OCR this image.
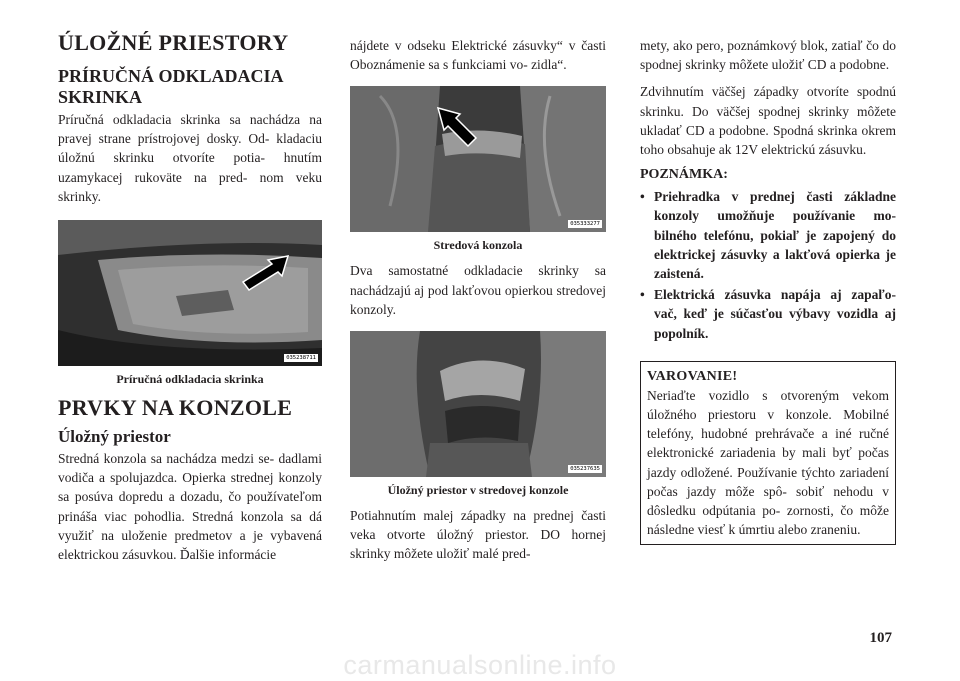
ÚLOŽNÉ PRIESTORY
PRÍRUČNÁ ODKLADACIA SKRINKA

Príručná odkladacia skrinka sa nachádza na pravej strane prístrojovej dosky. Od- kladaciu úložnú skrinku otvoríte potia- hnutím uzamykacej rukoväte na pred- nom veku skrinky.

035238711
Príručná odkladacia skrinka
PRVKY NA KONZOLE
Úložný priestor

Stredná konzola sa nachádza medzi se- dadlami vodiča a spolujazdca. Opierka strednej konzoly sa posúva dopredu a dozadu, čo používateľom prináša viac pohodlia. Stredná konzola sa dá využiť na uloženie predmetov a je vybavená elektrickou zásuvkou. Ďalšie informácie

nájdete v odseku Elektrické zásuvky“ v časti Oboznámenie sa s funkciami vo- zidla“.

035333277
Stredová konzola

Dva samostatné odkladacie skrinky sa nachádzajú aj pod lakťovou opierkou stredovej konzoly.

035237635
Úložný priestor v stredovej konzole

Potiahnutím malej západky na prednej časti veka otvorte úložný priestor. DO hornej skrinky môžete uložiť malé pred-

mety, ako pero, poznámkový blok, zatiaľ čo do spodnej skrinky môžete uložiť CD a podobne.

Zdvihnutím väčšej západky otvoríte spodnú skrinku. Do väčšej spodnej skrinky môžete ukladať CD a podobne. Spodná skrinka okrem toho obsahuje ak 12V elektrickú zásuvku.

POZNÁMKA:
• Priehradka v prednej časti základne konzoly umožňuje používanie mo- bilného telefónu, pokiaľ je zapojený do elektrickej zásuvky a lakťová opierka je zaistená.
• Elektrická zásuvka napája aj zapaľo- vač, keď je súčasťou výbavy vozidla aj popolník.
VAROVANIE!
Neriaďte vozidlo s otvoreným vekom úložného priestoru v konzole. Mobilné telefóny, hudobné prehrávače a iné ručné elektronické zariadenia by mali byť počas jazdy odložené. Používanie týchto zariadení počas jazdy môže spô- sobiť nehodu v dôsledku odpútania po- zornosti, čo môže následne viesť k úmrtiu alebo zraneniu.
107
carmanualsonline.info
